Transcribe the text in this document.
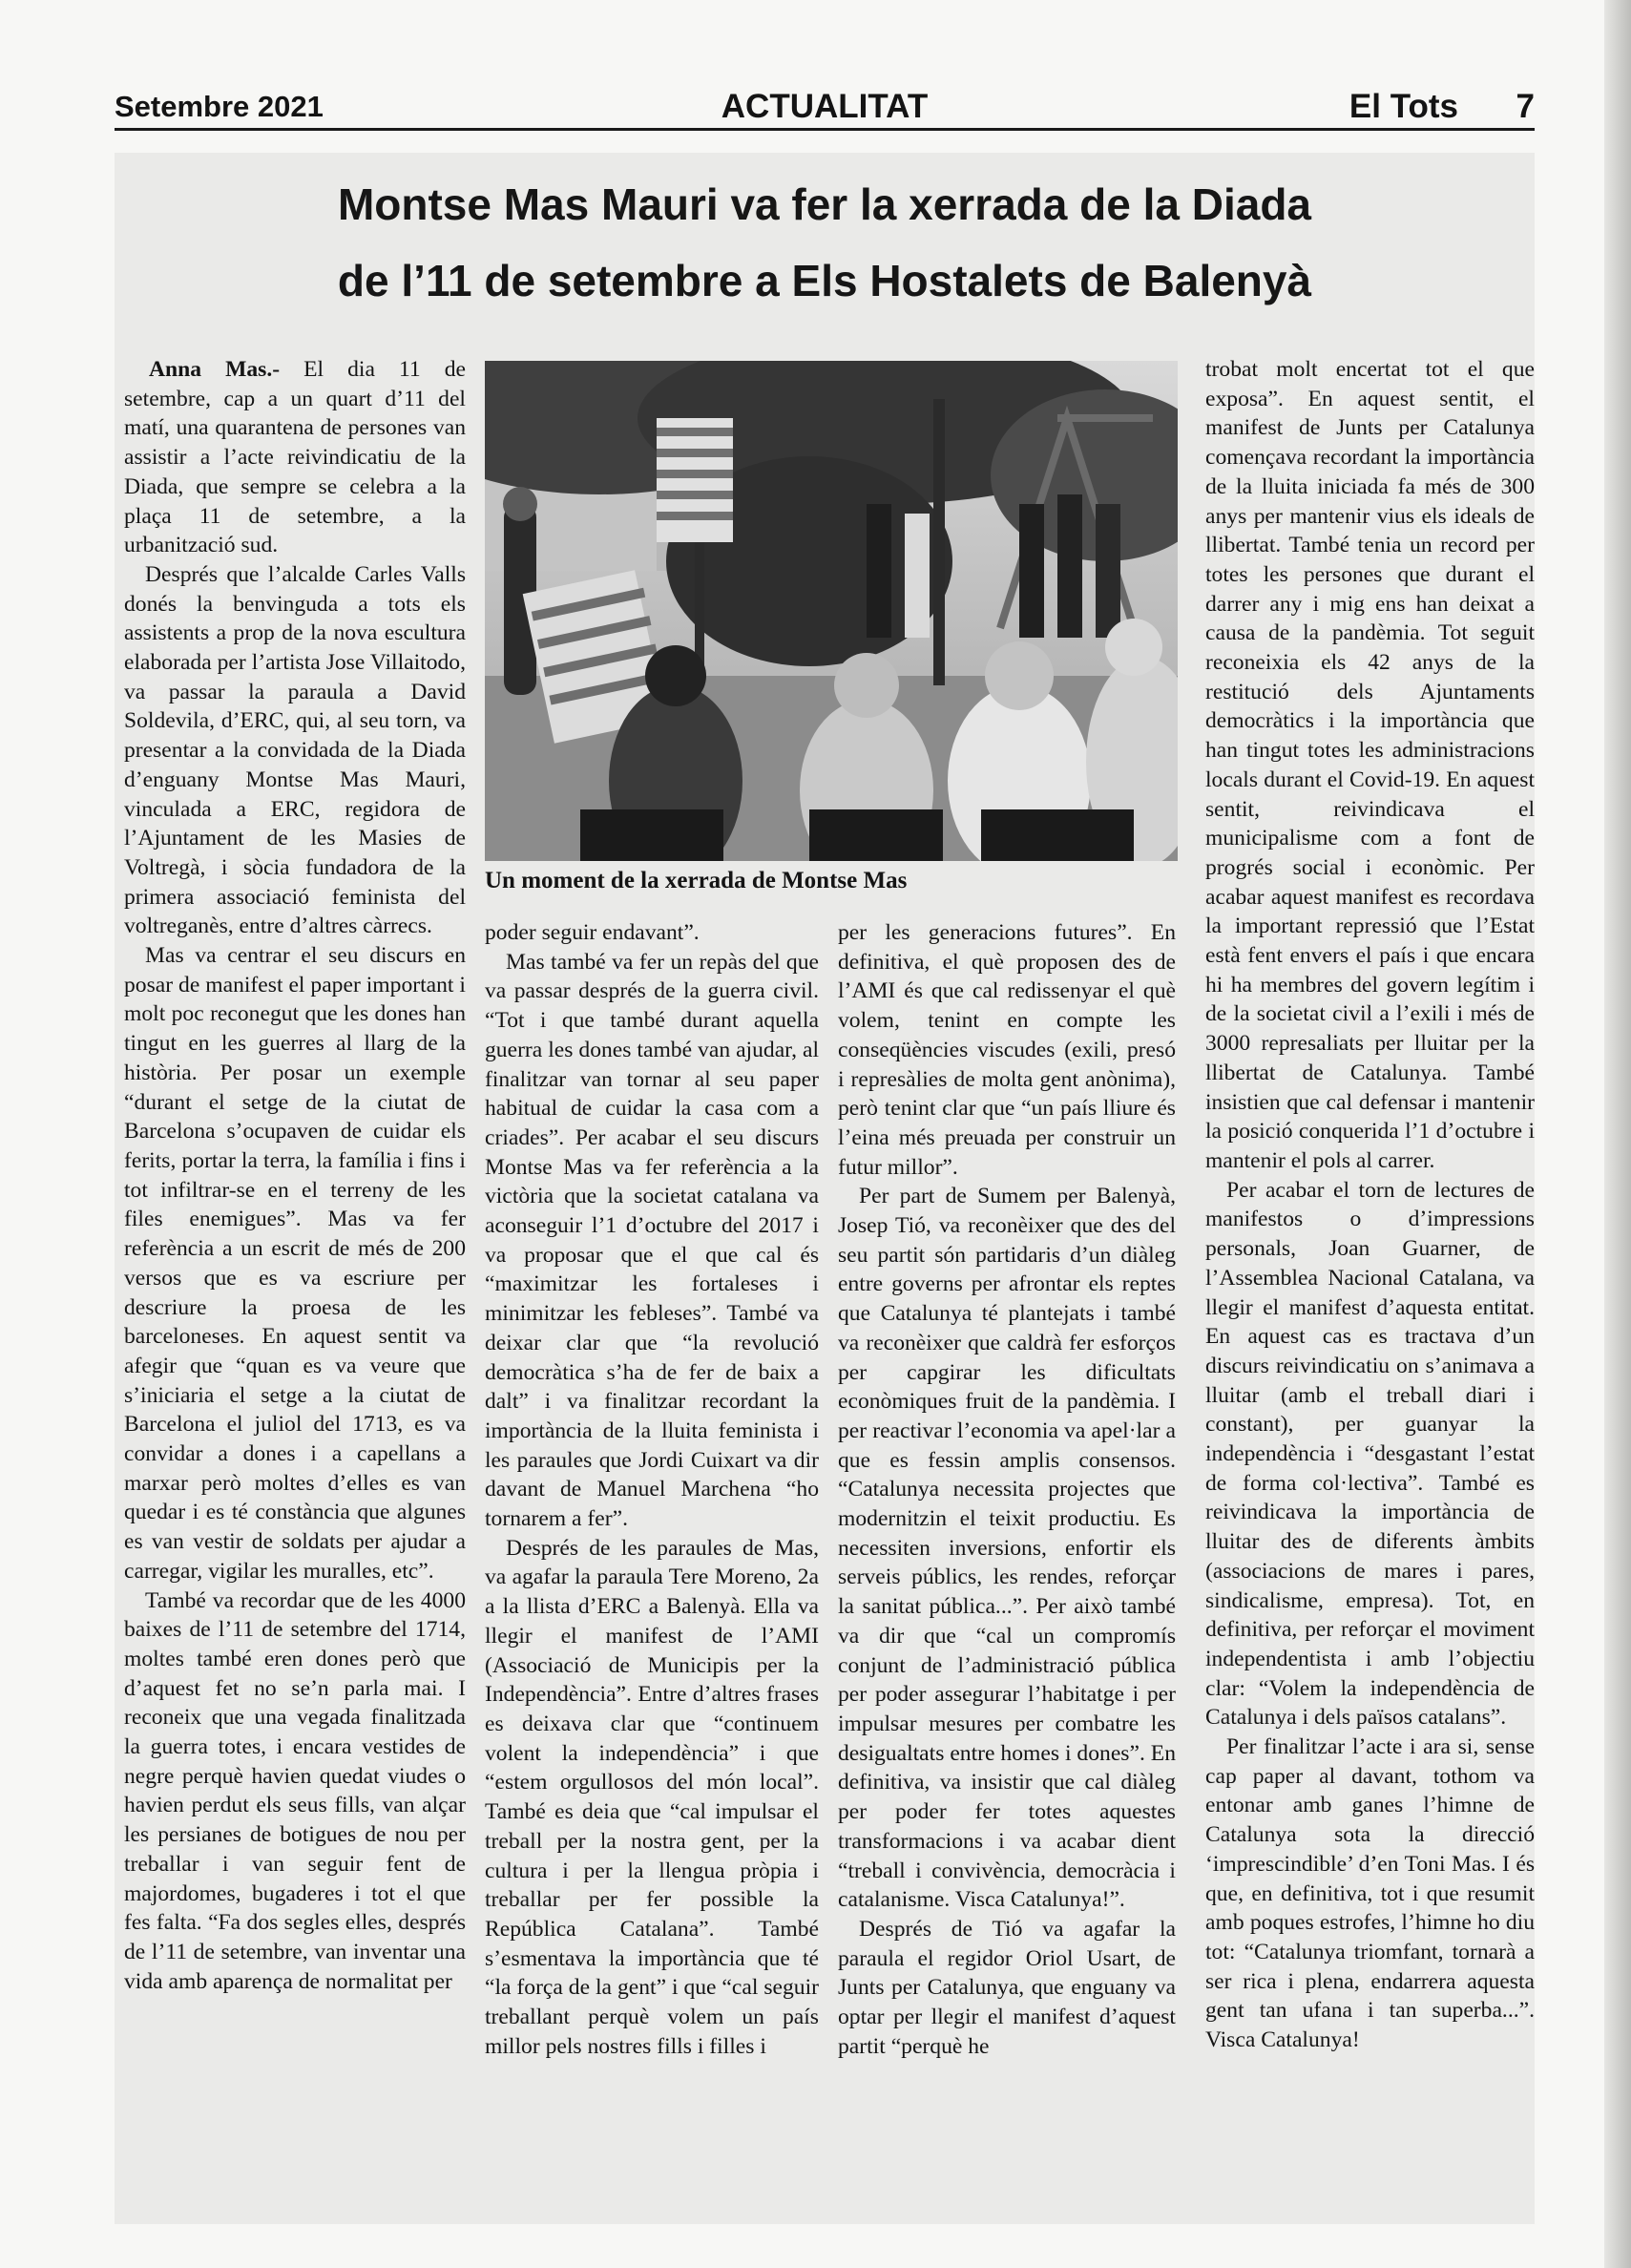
Setembre 2021	ACTUALITAT	El Tots 7
Montse Mas Mauri va fer la xerrada de la Diada
de l’11 de setembre a Els Hostalets de Balenyà

Anna Mas.- El dia 11 de setembre, cap a un quart d’11 del matí, una quarantena de persones van assistir a l’acte reivindicatiu de la Diada, que sempre se celebra a la plaça 11 de setembre, a la urbanització sud.

Després que l’alcalde Carles Valls donés la benvinguda a tots els assistents a prop de la nova escultura elaborada per l’artista Jose Villaitodo, va passar la paraula a David Soldevila, d’ERC, qui, al seu torn, va presentar a la convidada de la Diada d’enguany Montse Mas Mauri, vinculada a ERC, regidora de l’Ajuntament de les Masies de Voltregà, i sòcia fundadora de la primera associació feminista del voltreganès, entre d’altres càrrecs.

Mas va centrar el seu discurs en posar de manifest el paper important i molt poc reconegut que les dones han tingut en les guerres al llarg de la història. Per posar un exemple “durant el setge de la ciutat de Barcelona s’ocupaven de cuidar els ferits, portar la terra, la família i fins i tot infiltrar-se en el terreny de les files enemigues”. Mas va fer referència a un escrit de més de 200 versos que es va escriure per descriure la proesa de les barceloneses. En aquest sentit va afegir que “quan es va veure que s’iniciaria el setge a la ciutat de Barcelona el juliol del 1713, es va convidar a dones i a capellans a marxar però moltes d’elles es van quedar i es té constància que algunes es van vestir de soldats per ajudar a carregar, vigilar les muralles, etc”.

També va recordar que de les 4000 baixes de l’11 de setembre del 1714, moltes també eren dones però que d’aquest fet no se’n parla mai. I reconeix que una vegada finalitzada la guerra totes, i encara vestides de negre perquè havien quedat viudes o havien perdut els seus fills, van alçar les persianes de botigues de nou per treballar i van seguir fent de majordomes, bugaderes i tot el que fes falta. “Fa dos segles elles, després de l’11 de setembre, van inventar una vida amb aparença de normalitat per

Un moment de la xerrada de Montse Mas

poder seguir endavant”.

Mas també va fer un repàs del que va passar després de la guerra civil. “Tot i que també durant aquella guerra les dones també van ajudar, al finalitzar van tornar al seu paper habitual de cuidar la casa com a criades”. Per acabar el seu discurs Montse Mas va fer referència a la victòria que la societat catalana va aconseguir l’1 d’octubre del 2017 i va proposar que el que cal és “maximitzar les fortaleses i minimitzar les febleses”. També va deixar clar que “la revolució democràtica s’ha de fer de baix a dalt” i va finalitzar recordant la importància de la lluita feminista i les paraules que Jordi Cuixart va dir davant de Manuel Marchena “ho tornarem a fer”.

Després de les paraules de Mas, va agafar la paraula Tere Moreno, 2a a la llista d’ERC a Balenyà. Ella va llegir el manifest de l’AMI (Associació de Municipis per la Independència”. Entre d’altres frases es deixava clar que “continuem volent la independència” i que “estem orgullosos del món local”. També es deia que “cal impulsar el treball per la nostra gent, per la cultura i per la llengua pròpia i treballar per fer possible la República Catalana”. També s’esmentava la importància que té “la força de la gent” i que “cal seguir treballant perquè volem un país millor pels nostres fills i filles i

per les generacions futures”. En definitiva, el què proposen des de l’AMI és que cal redissenyar el què volem, tenint en compte les conseqüències viscudes (exili, presó i represàlies de molta gent anònima), però tenint clar que “un país lliure és l’eina més preuada per construir un futur millor”.

Per part de Sumem per Balenyà, Josep Tió, va reconèixer que des del seu partit són partidaris d’un diàleg entre governs per afrontar els reptes que Catalunya té plantejats i també va reconèixer que caldrà fer esforços per capgirar les dificultats econòmiques fruit de la pandèmia. I per reactivar l’economia va apel·lar a que es fessin amplis consensos. “Catalunya necessita projectes que modernitzin el teixit productiu. Es necessiten inversions, enfortir els serveis públics, les rendes, reforçar la sanitat pública...”. Per això també va dir que “cal un compromís conjunt de l’administració pública per poder assegurar l’habitatge i per impulsar mesures per combatre les desigualtats entre homes i dones”. En definitiva, va insistir que cal diàleg per poder fer totes aquestes transformacions i va acabar dient “treball i convivència, democràcia i catalanisme. Visca Catalunya!”.

Després de Tió va agafar la paraula el regidor Oriol Usart, de Junts per Catalunya, que enguany va optar per llegir el manifest d’aquest partit “perquè he

trobat molt encertat tot el que exposa”. En aquest sentit, el manifest de Junts per Catalunya començava recordant la importància de la lluita iniciada fa més de 300 anys per mantenir vius els ideals de llibertat. També tenia un record per totes les persones que durant el darrer any i mig ens han deixat a causa de la pandèmia. Tot seguit reconeixia els 42 anys de la restitució dels Ajuntaments democràtics i la importància que han tingut totes les administracions locals durant el Covid-19. En aquest sentit, reivindicava el municipalisme com a font de progrés social i econòmic. Per acabar aquest manifest es recordava la important repressió que l’Estat està fent envers el país i que encara hi ha membres del govern legítim i de la societat civil a l’exili i més de 3000 represaliats per lluitar per la llibertat de Catalunya. També insistien que cal defensar i mantenir la posició conquerida l’1 d’octubre i mantenir el pols al carrer.

Per acabar el torn de lectures de manifestos o d’impressions personals, Joan Guarner, de l’Assemblea Nacional Catalana, va llegir el manifest d’aquesta entitat. En aquest cas es tractava d’un discurs reivindicatiu on s’animava a lluitar (amb el treball diari i constant), per guanyar la independència i “desgastant l’estat de forma col·lectiva”. També es reivindicava la importància de lluitar des de diferents àmbits (associacions de mares i pares, sindicalisme, empresa). Tot, en definitiva, per reforçar el moviment independentista i amb l’objectiu clar: “Volem la independència de Catalunya i dels països catalans”.

Per finalitzar l’acte i ara si, sense cap paper al davant, tothom va entonar amb ganes l’himne de Catalunya sota la direcció ‘imprescindible’ d’en Toni Mas. I és que, en definitiva, tot i que resumit amb poques estrofes, l’himne ho diu tot: “Catalunya triomfant, tornarà a ser rica i plena, endarrera aquesta gent tan ufana i tan superba...”. Visca Catalunya!
